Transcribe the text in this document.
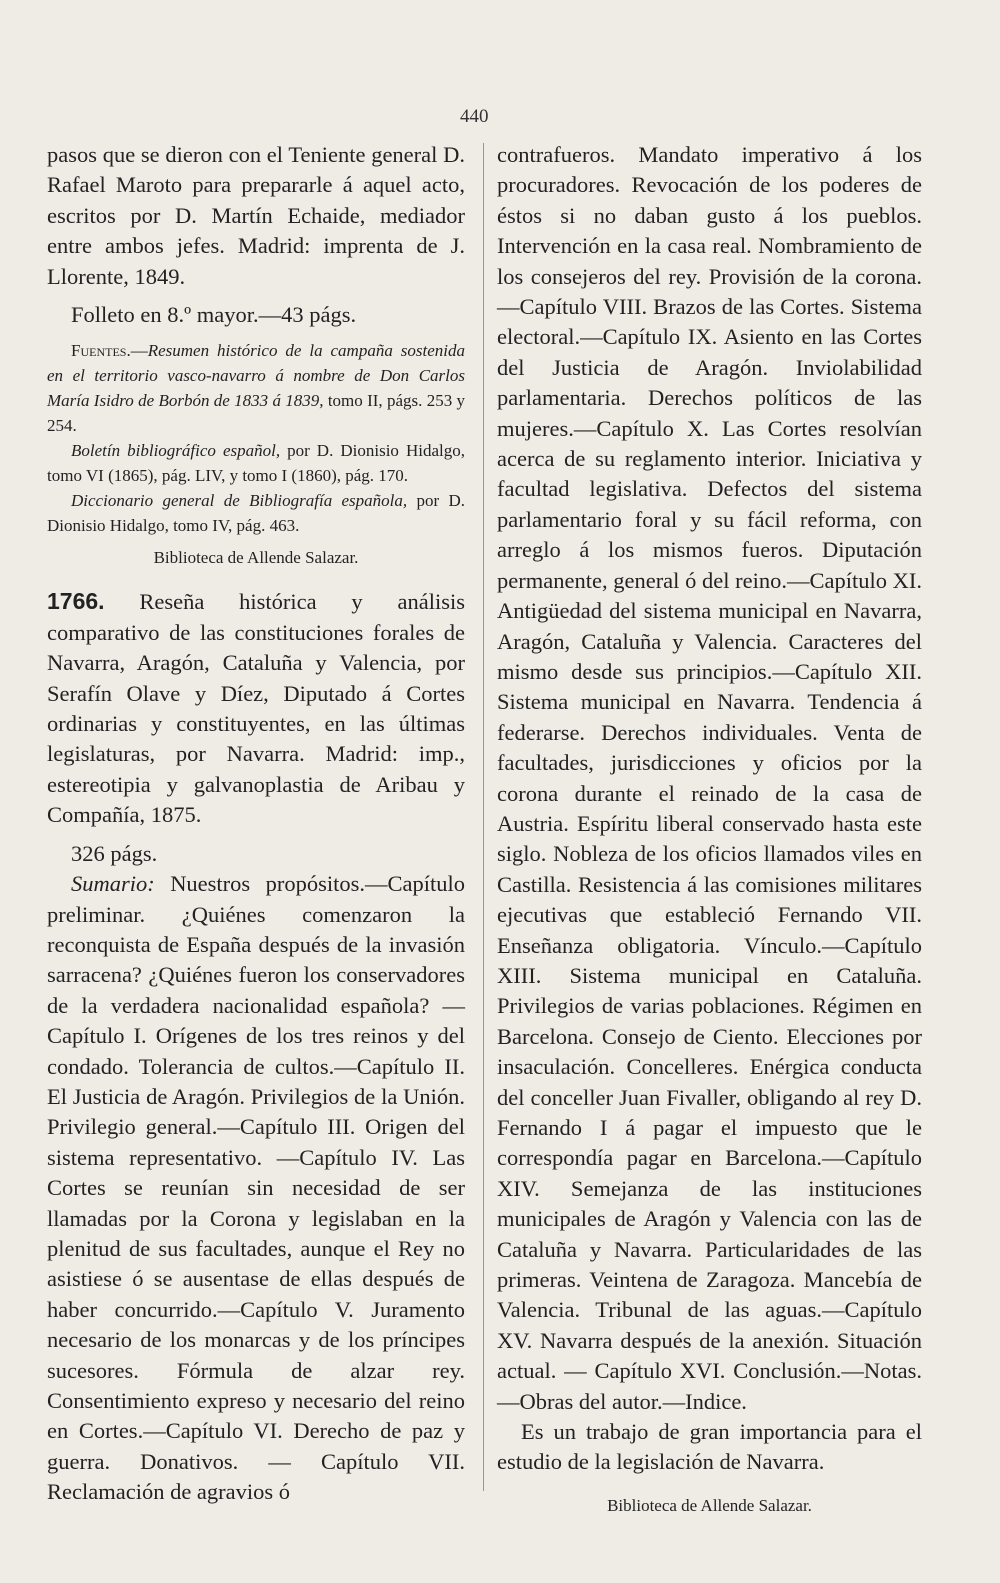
440

pasos que se dieron con el Teniente general D. Rafael Maroto para prepararle á aquel acto, escritos por D. Martín Echaide, mediador entre ambos jefes. Madrid: imprenta de J. Llorente, 1849.

Folleto en 8.º mayor.—43 págs.

Fuentes.—Resumen histórico de la campaña sostenida en el territorio vasco-navarro á nombre de Don Carlos María Isidro de Borbón de 1833 á 1839, tomo II, págs. 253 y 254.

Boletín bibliográfico español, por D. Dionisio Hidalgo, tomo VI (1865), pág. LIV, y tomo I (1860), pág. 170.

Diccionario general de Bibliografía española, por D. Dionisio Hidalgo, tomo IV, pág. 463.

Biblioteca de Allende Salazar.

1766. Reseña histórica y análisis comparativo de las constituciones forales de Navarra, Aragón, Cataluña y Valencia, por Serafín Olave y Díez, Diputado á Cortes ordinarias y constituyentes, en las últimas legislaturas, por Navarra. Madrid: imp., estereotipia y galvanoplastia de Aribau y Compañía, 1875.

326 págs.

Sumario: Nuestros propósitos.—Capítulo preliminar. ¿Quiénes comenzaron la reconquista de España después de la invasión sarracena? ¿Quiénes fueron los conservadores de la verdadera nacionalidad española? —Capítulo I. Orígenes de los tres reinos y del condado. Tolerancia de cultos.—Capítulo II. El Justicia de Aragón. Privilegios de la Unión. Privilegio general.—Capítulo III. Origen del sistema representativo. —Capítulo IV. Las Cortes se reunían sin necesidad de ser llamadas por la Corona y legislaban en la plenitud de sus facultades, aunque el Rey no asistiese ó se ausentase de ellas después de haber concurrido.—Capítulo V. Juramento necesario de los monarcas y de los príncipes sucesores. Fórmula de alzar rey. Consentimiento expreso y necesario del reino en Cortes.—Capítulo VI. Derecho de paz y guerra. Donativos. — Capítulo VII. Reclamación de agravios ó

contrafueros. Mandato imperativo á los procuradores. Revocación de los poderes de éstos si no daban gusto á los pueblos. Intervención en la casa real. Nombramiento de los consejeros del rey. Provisión de la corona.—Capítulo VIII. Brazos de las Cortes. Sistema electoral.—Capítulo IX. Asiento en las Cortes del Justicia de Aragón. Inviolabilidad parlamentaria. Derechos políticos de las mujeres.—Capítulo X. Las Cortes resolvían acerca de su reglamento interior. Iniciativa y facultad legislativa. Defectos del sistema parlamentario foral y su fácil reforma, con arreglo á los mismos fueros. Diputación permanente, general ó del reino.—Capítulo XI. Antigüedad del sistema municipal en Navarra, Aragón, Cataluña y Valencia. Caracteres del mismo desde sus principios.—Capítulo XII. Sistema municipal en Navarra. Tendencia á federarse. Derechos individuales. Venta de facultades, jurisdicciones y oficios por la corona durante el reinado de la casa de Austria. Espíritu liberal conservado hasta este siglo. Nobleza de los oficios llamados viles en Castilla. Resistencia á las comisiones militares ejecutivas que estableció Fernando VII. Enseñanza obligatoria. Vínculo.—Capítulo XIII. Sistema municipal en Cataluña. Privilegios de varias poblaciones. Régimen en Barcelona. Consejo de Ciento. Elecciones por insaculación. Concelleres. Enérgica conducta del conceller Juan Fivaller, obligando al rey D. Fernando I á pagar el impuesto que le correspondía pagar en Barcelona.—Capítulo XIV. Semejanza de las instituciones municipales de Aragón y Valencia con las de Cataluña y Navarra. Particularidades de las primeras. Veintena de Zaragoza. Mancebía de Valencia. Tribunal de las aguas.—Capítulo XV. Navarra después de la anexión. Situación actual. — Capítulo XVI. Conclusión.—Notas.—Obras del autor.—Indice.

Es un trabajo de gran importancia para el estudio de la legislación de Navarra.

Biblioteca de Allende Salazar.
